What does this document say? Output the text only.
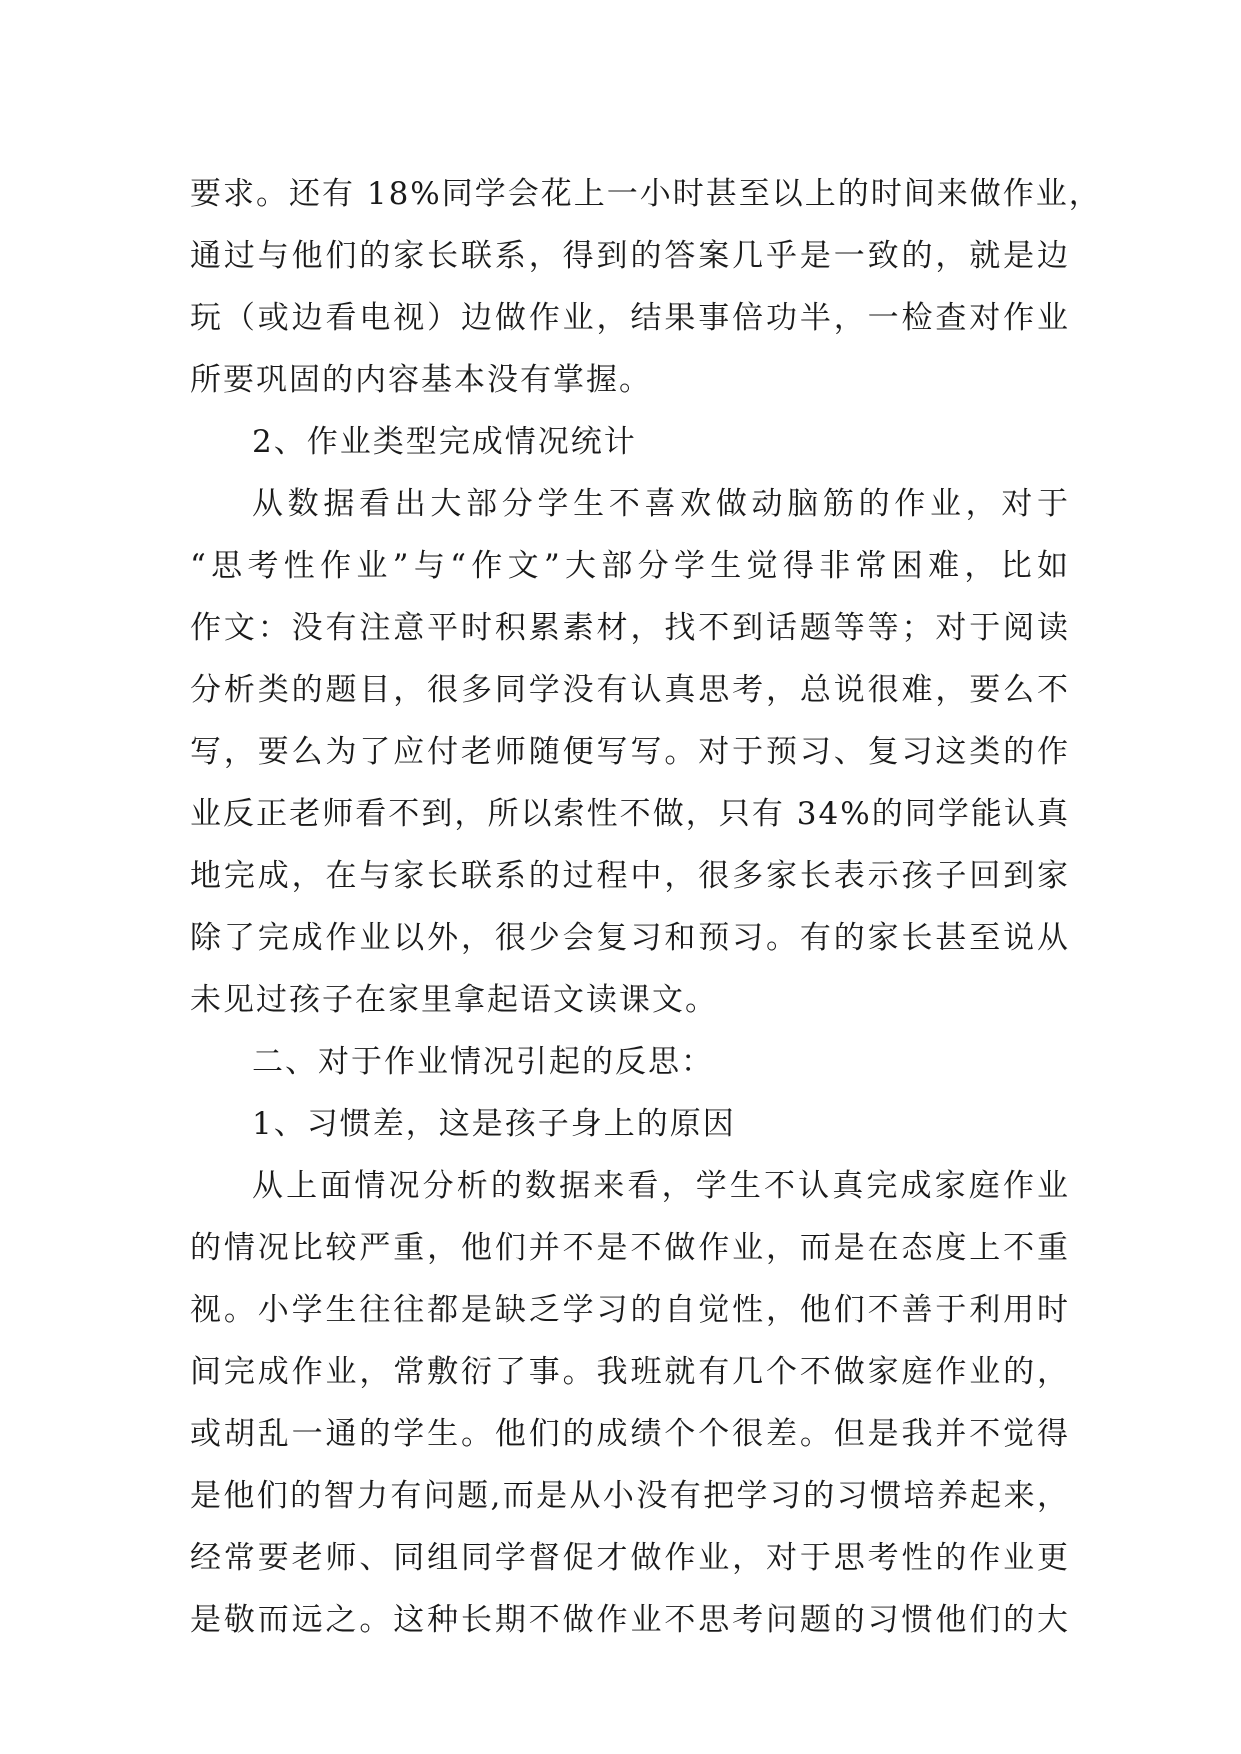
要求。还有 18%同学会花上一小时甚至以上的时间来做作业，
通过与他们的家长联系，得到的答案几乎是一致的，就是边
玩（或边看电视）边做作业，结果事倍功半，一检查对作业
所要巩固的内容基本没有掌握。
2、作业类型完成情况统计
从数据看出大部分学生不喜欢做动脑筋的作业，对于
“思考性作业”与“作文”大部分学生觉得非常困难，比如
作文：没有注意平时积累素材，找不到话题等等；对于阅读
分析类的题目，很多同学没有认真思考，总说很难，要么不
写，要么为了应付老师随便写写。对于预习、复习这类的作
业反正老师看不到，所以索性不做，只有 34%的同学能认真
地完成，在与家长联系的过程中，很多家长表示孩子回到家
除了完成作业以外，很少会复习和预习。有的家长甚至说从
未见过孩子在家里拿起语文读课文。
二、对于作业情况引起的反思：
1、习惯差，这是孩子身上的原因
从上面情况分析的数据来看，学生不认真完成家庭作业
的情况比较严重，他们并不是不做作业，而是在态度上不重
视。小学生往往都是缺乏学习的自觉性，他们不善于利用时
间完成作业，常敷衍了事。我班就有几个不做家庭作业的，
或胡乱一通的学生。他们的成绩个个很差。但是我并不觉得
是他们的智力有问题,而是从小没有把学习的习惯培养起来，
经常要老师、同组同学督促才做作业，对于思考性的作业更
是敬而远之。这种长期不做作业不思考问题的习惯他们的大
